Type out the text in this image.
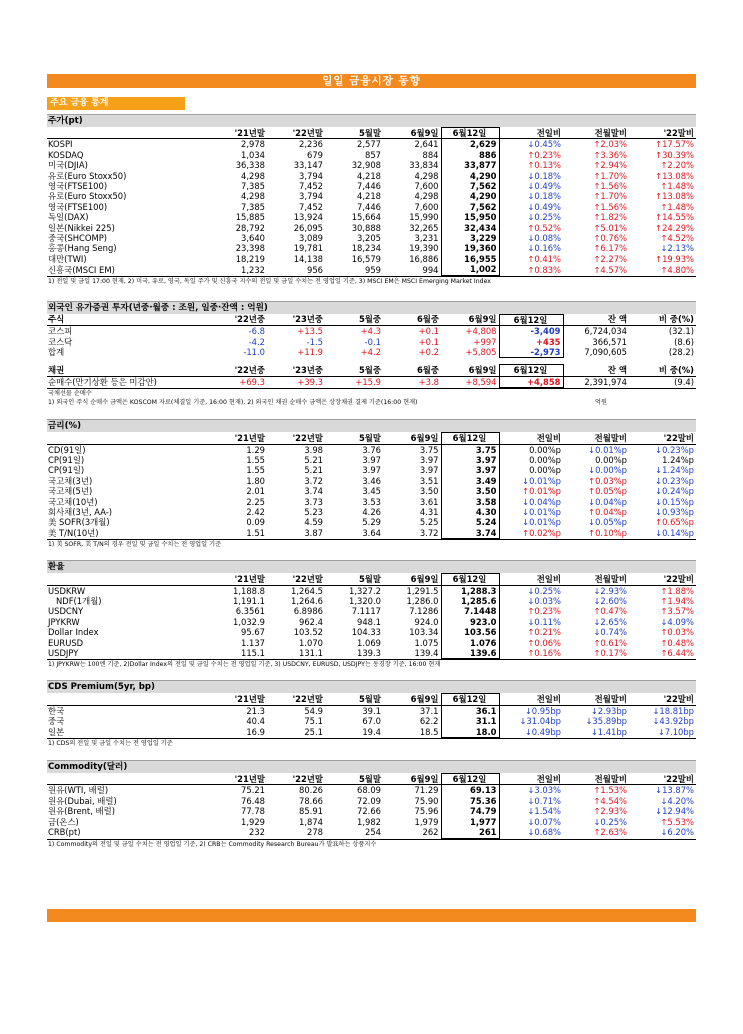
일일 금융시장 동향
주요 금융 통계
주가(pt)
	'21년말	'22년말	5월말	6월9일	6월12일	전일비	전월말비	'22말비
KOSPI	2,978	2,236	2,577	2,641	2,629	↓0.45%	↑2.03%	↑17.57%
KOSDAQ	1,034	679	857	884	886	↑0.23%	↑3.36%	↑30.39%
미국(DJIA)	36,338	33,147	32,908	33,834	33,877	↑0.13%	↑2.94%	↑2.20%
유로(Euro Stoxx50)	4,298	3,794	4,218	4,298	4,290	↓0.18%	↑1.70%	↑13.08%
영국(FTSE100)	7,385	7,452	7,446	7,600	7,562	↓0.49%	↑1.56%	↑1.48%
유로(Euro Stoxx50)	4,298	3,794	4,218	4,298	4,290	↓0.18%	↑1.70%	↑13.08%
영국(FTSE100)	7,385	7,452	7,446	7,600	7,562	↓0.49%	↑1.56%	↑1.48%
독일(DAX)	15,885	13,924	15,664	15,990	15,950	↓0.25%	↑1.82%	↑14.55%
일본(Nikkei 225)	28,792	26,095	30,888	32,265	32,434	↑0.52%	↑5.01%	↑24.29%
중국(SHCOMP)	3,640	3,089	3,205	3,231	3,229	↓0.08%	↑0.76%	↑4.52%
홍콩(Hang Seng)	23,398	19,781	18,234	19,390	19,360	↓0.16%	↑6.17%	↓2.13%
대만(TWI)	18,219	14,138	16,579	16,886	16,955	↑0.41%	↑2.27%	↑19.93%
신흥국(MSCI EM)	1,232	956	959	994	1,002	↑0.83%	↑4.57%	↑4.80%
1) 전일 및 금일 17:00 현재, 2) 미국, 유로, 영국, 독일 주가 및 신흥국 지수의 전일 및 금일 수치는 전 영업일 기준, 3) MSCI EM은 MSCI Emerging Market Index
외국인 유가증권 투자(년중·월중 : 조원, 일중·잔액 : 억원)
주식	'22년중	'23년중	5월중	6월중	6월9일	6월12일	잔 액	비 중(%)
코스피	-6.8	+13.5	+4.3	+0.1	+4,808	-3,409	6,724,034	(32.1)
코스닥	-4.2	-1.5	-0.1	+0.1	+997	+435	366,571	(8.6)
합계	-11.0	+11.9	+4.2	+0.2	+5,805	-2,973	7,090,605	(28.2)
채권	'22년중	'23년중	5월중	6월중	6월9일	6월12일	잔 액	비 중(%)
순매수(만기상환 등은 미감안)	+69.3	+39.3	+15.9	+3.8	+8,594	+4,858	2,391,974	(9.4)
국채선물 순매수
1) 외국인 주식 순매수 금액은 KOSCOM 자료(체결일 기준, 16:00 현재), 2) 외국인 채권 순매수 금액은 상장채권 결제 기준(16:00 현재)	억원
금리(%)
	'21년말	'22년말	5월말	6월9일	6월12일	전일비	전월말비	'22말비
CD(91일)	1.29	3.98	3.76	3.75	3.75	0.00%p	↓0.01%p	↓0.23%p
CP(91일)	1.55	5.21	3.97	3.97	3.97	0.00%p	0.00%p	1.24%p
CP(91일)	1.55	5.21	3.97	3.97	3.97	0.00%p	↓0.00%p	↓1.24%p
국고채(3년)	1.80	3.72	3.46	3.51	3.49	↓0.01%p	↑0.03%p	↓0.23%p
국고채(5년)	2.01	3.74	3.45	3.50	3.50	↑0.01%p	↑0.05%p	↓0.24%p
국고채(10년)	2.25	3.73	3.53	3.61	3.58	↓0.04%p	↓0.04%p	↓0.15%p
회사채(3년, AA-)	2.42	5.23	4.26	4.31	4.30	↓0.01%p	↑0.04%p	↓0.93%p
美 SOFR(3개월)	0.09	4.59	5.29	5.25	5.24	↓0.01%p	↓0.05%p	↑0.65%p
美 T/N(10년)	1.51	3.87	3.64	3.72	3.74	↑0.02%p	↑0.10%p	↓0.14%p
1) 美 SOFR, 美 T/N의 경우 전일 및 금일 수치는 전 영업일 기준
환율
	'21년말	'22년말	5월말	6월9일	6월12일	전일비	전월말비	'22말비
USDKRW	1,188.8	1,264.5	1,327.2	1,291.5	1,288.3	↓0.25%	↓2.93%	↑1.88%
NDF(1개월)	1,191.1	1,264.6	1,320.0	1,286.0	1,285.6	↓0.03%	↓2.60%	↑1.94%
USDCNY	6.3561	6.8986	7.1117	7.1286	7.1448	↑0.23%	↑0.47%	↑3.57%
JPYKRW	1,032.9	962.4	948.1	924.0	923.0	↓0.11%	↓2.65%	↓4.09%
Dollar Index	95.67	103.52	104.33	103.34	103.56	↑0.21%	↓0.74%	↑0.03%
EURUSD	1.137	1.070	1.069	1.075	1.076	↑0.06%	↑0.61%	↑0.48%
USDJPY	115.1	131.1	139.3	139.4	139.6	↑0.16%	↑0.17%	↑6.44%
1) JPYKRW는 100엔 기준, 2)Dollar Index의 전일 및 금일 수치는 전 영업일 기준, 3) USDCNY, EURUSD, USDJPY는 동경장 기준, 16:00 현재
CDS Premium(5yr, bp)
	'21년말	'22년말	5월말	6월9일	6월12일	전일비	전월말비	'22말비
한국	21.3	54.9	39.1	37.1	36.1	↓0.95bp	↓2.93bp	↓18.81bp
중국	40.4	75.1	67.0	62.2	31.1	↓31.04bp	↓35.89bp	↓43.92bp
일본	16.9	25.1	19.4	18.5	18.0	↓0.49bp	↓1.41bp	↓7.10bp
1) CDS의 전일 및 금일 수치는 전 영업일 기준
Commodity(달러)
	'21년말	'22년말	5월말	6월9일	6월12일	전일비	전월말비	'22말비
원유(WTI, 배럴)	75.21	80.26	68.09	71.29	69.13	↓3.03%	↑1.53%	↓13.87%
원유(Dubai, 배럴)	76.48	78.66	72.09	75.90	75.36	↓0.71%	↑4.54%	↓4.20%
원유(Brent, 배럴)	77.78	85.91	72.66	75.96	74.79	↓1.54%	↑2.93%	↓12.94%
금(온스)	1,929	1,874	1,982	1,979	1,977	↓0.07%	↓0.25%	↑5.53%
CRB(pt)	232	278	254	262	261	↓0.68%	↑2.63%	↓6.20%
1) Commodity의 전일 및 금일 수치는 전 영업일 기준, 2) CRB는 Commodity Research Bureau가 발표하는 상품지수
